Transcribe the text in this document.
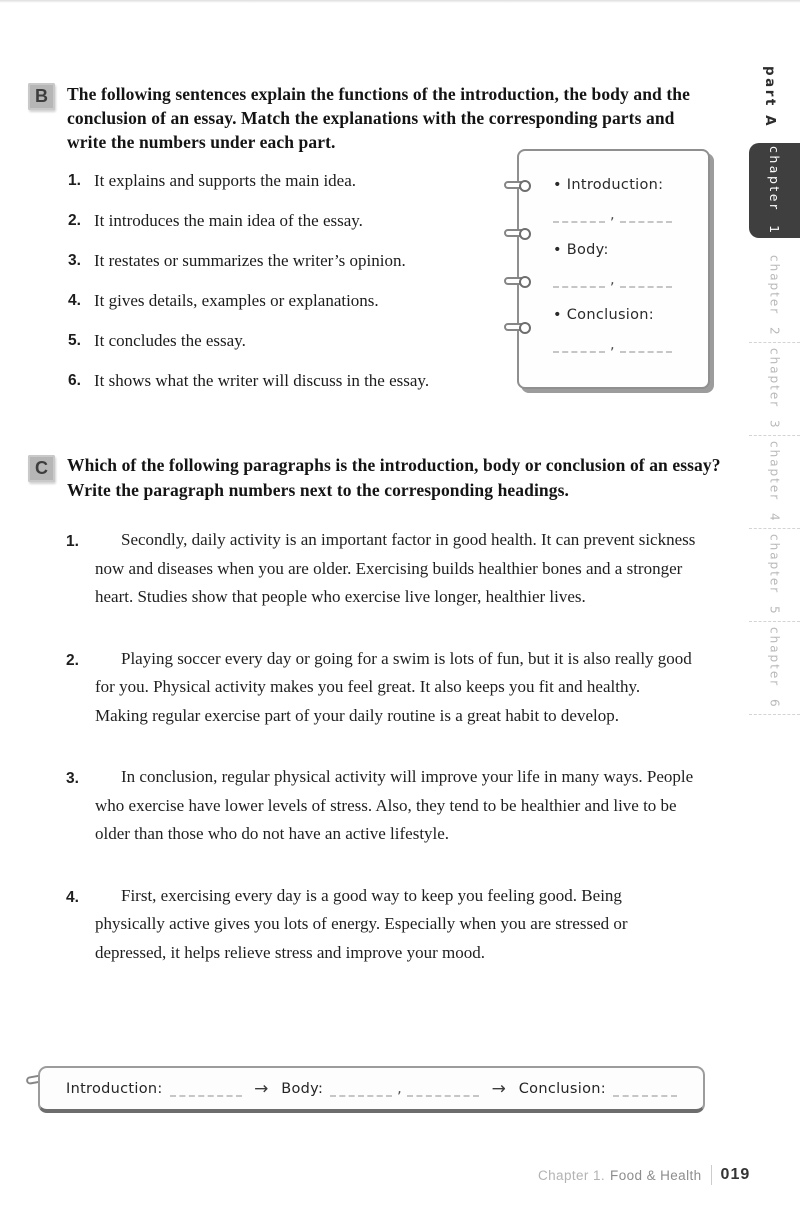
B	The following sentences explain the functions of the introduction, the body and the conclusion of an essay. Match the explanations with the corresponding parts and write the numbers under each part.
1. It explains and supports the main idea.
2. It introduces the main idea of the essay.
3. It restates or summarizes the writer’s opinion.
4. It gives details, examples or explanations.
5. It concludes the essay.
6. It shows what the writer will discuss in the essay.
• Introduction:
,
• Body:
,
• Conclusion:
,
C	Which of the following paragraphs is the introduction, body or conclusion of an essay? Write the paragraph numbers next to the corresponding headings.
1.	Secondly, daily activity is an important factor in good health. It can prevent sickness now and diseases when you are older. Exercising builds healthier bones and a stronger heart. Studies show that people who exercise live longer, healthier lives.
2.	Playing soccer every day or going for a swim is lots of fun, but it is also really good for you. Physical activity makes you feel great. It also keeps you fit and healthy. Making regular exercise part of your daily routine is a great habit to develop.
3.	In conclusion, regular physical activity will improve your life in many ways. People who exercise have lower levels of stress. Also, they tend to be healthier and live to be older than those who do not have an active lifestyle.
4.	First, exercising every day is a good way to keep you feeling good. Being physically active gives you lots of energy. Especially when you are stressed or depressed, it helps relieve stress and improve your mood.
Introduction:	→ Body:	,	→ Conclusion:
part A
chapter 1
chapter 2
chapter 3
chapter 4
chapter 5
chapter 6
Chapter 1. Food & Health 019
